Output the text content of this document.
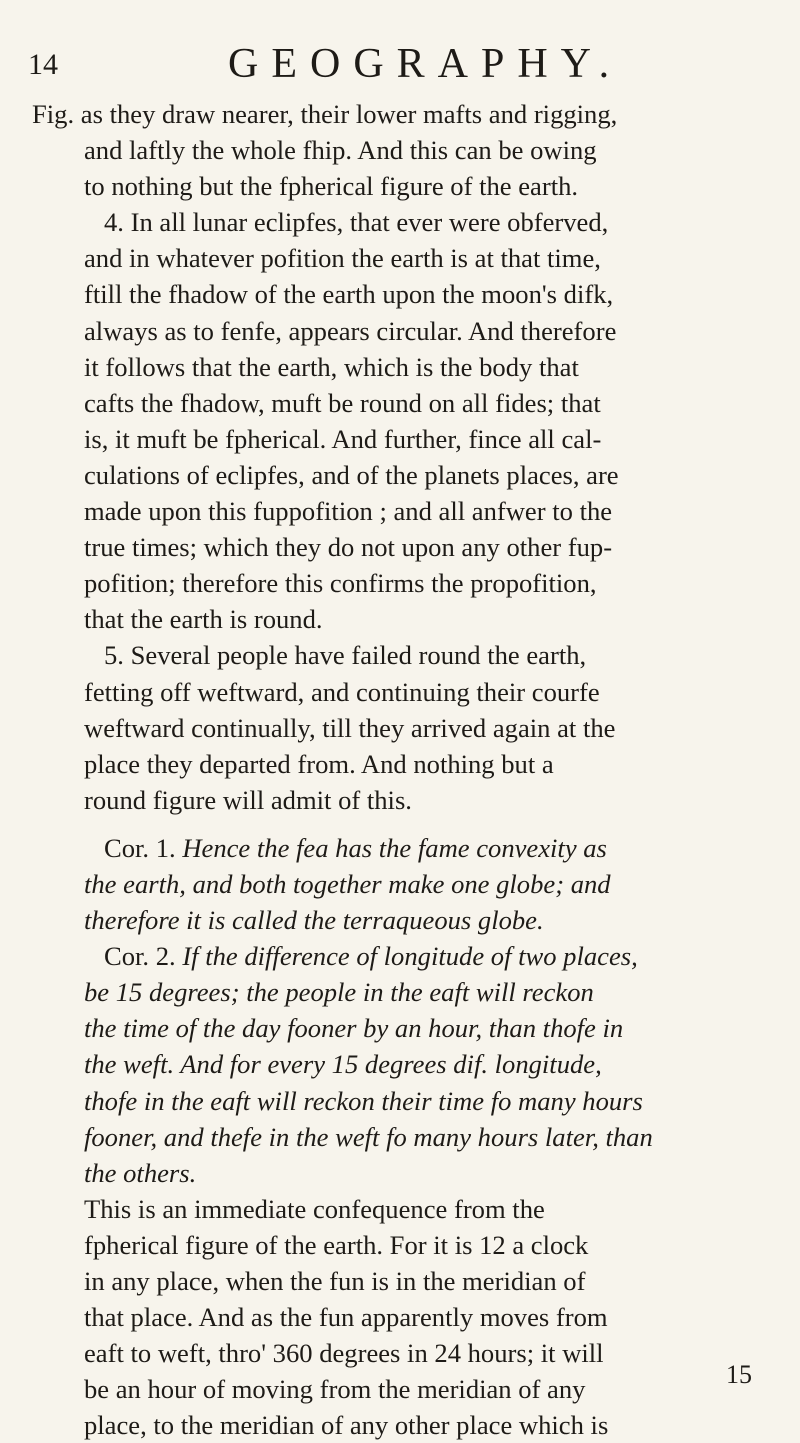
14	GEOGRAPHY.
Fig. as they draw nearer, their lower mafts and rigging,
and laftly the whole fhip. And this can be owing
to nothing but the fpherical figure of the earth.
4. In all lunar eclipfes, that ever were obferved,
and in whatever pofition the earth is at that time,
ftill the fhadow of the earth upon the moon's difk,
always as to fenfe, appears circular. And therefore
it follows that the earth, which is the body that
cafts the fhadow, muft be round on all fides; that
is, it muft be fpherical. And further, fince all cal-
culations of eclipfes, and of the planets places, are
made upon this fuppofition ; and all anfwer to the
true times; which they do not upon any other fup-
pofition; therefore this confirms the propofition,
that the earth is round.
5. Several people have failed round the earth,
fetting off weftward, and continuing their courfe
weftward continually, till they arrived again at the
place they departed from. And nothing but a
round figure will admit of this.
Cor. 1. Hence the fea has the fame convexity as
the earth, and both together make one globe; and
therefore it is called the terraqueous globe.
Cor. 2. If the difference of longitude of two places,
be 15 degrees; the people in the eaft will reckon
the time of the day fooner by an hour, than thofe in
the weft. And for every 15 degrees dif. longitude,
thofe in the eaft will reckon their time fo many hours
fooner, and thefe in the weft fo many hours later, than
the others.
This is an immediate confequence from the
fpherical figure of the earth. For it is 12 a clock
in any place, when the fun is in the meridian of
that place. And as the fun apparently moves from
eaft to weft, thro' 360 degrees in 24 hours; it will
be an hour of moving from the meridian of any
place, to the meridian of any other place which is
15
